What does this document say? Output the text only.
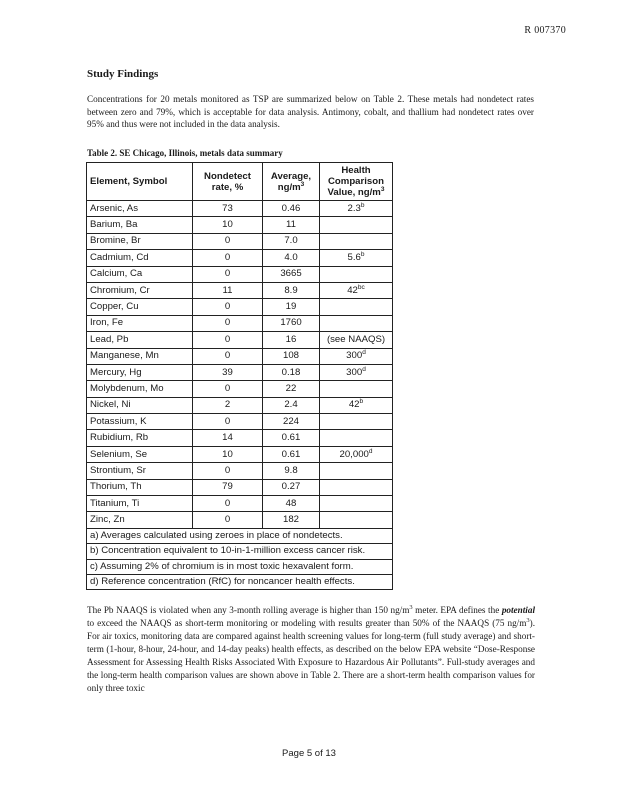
R 007370
Study Findings
Concentrations for 20 metals monitored as TSP are summarized below on Table 2. These metals had nondetect rates between zero and 79%, which is acceptable for data analysis. Antimony, cobalt, and thallium had nondetect rates over 95% and thus were not included in the data analysis.
Table 2. SE Chicago, Illinois, metals data summary
Element, Symbol	Nondetect rate, %	Average, $ng/m^3$	Health Comparison Value, $ng/m^3$
Arsenic, As	73	0.46	2.3$^b$
Barium, Ba	10	11	
Bromine, Br	0	7.0	
Cadmium, Cd	0	4.0	5.6$^b$
Calcium, Ca	0	3665	
Chromium, Cr	11	8.9	$42^{bc}$
Copper, Cu	0	19	
Iron, Fe	0	1760	
Lead, Pb	0	16	(see NAAQS)
Manganese, Mn	0	108	300$^d$
Mercury, Hg	39	0.18	300$^d$
Molybdenum, Mo	0	22	
Nickel, Ni	2	2.4	42$^b$
Potassium, K	0	224	
Rubidium, Rb	14	0.61	
Selenium, Se	10	0.61	20,000$^d$
Strontium, Sr	0	9.8	
Thorium, Th	79	0.27	
Titanium, Ti	0	48	
Zinc, Zn	0	182	
a) Averages calculated using zeroes in place of nondetects.			
b) Concentration equivalent to 10-in-1-million excess cancer risk.			
c) Assuming 2% of chromium is in most toxic hexavalent form.			
d) Reference concentration (RfC) for noncancer health effects.			
The Pb NAAQS is violated when any 3-month rolling average is higher than 150 $ng/m^3$ meter. EPA defines the potential to exceed the NAAQS as short-term monitoring or modeling with results greater than 50% of the NAAQS (75 $ng/m^3$). For air toxics, monitoring data are compared against health screening values for long-term (full study average) and short-term (1-hour, 8-hour, 24-hour, and 14-day peaks) health effects, as described on the below EPA website “Dose-Response Assessment for Assessing Health Risks Associated With Exposure to Hazardous Air Pollutants”. Full-study averages and the long-term health comparison values are shown above in Table 2. There are a short-term health comparison values for only three toxic
Page 5 of 13
